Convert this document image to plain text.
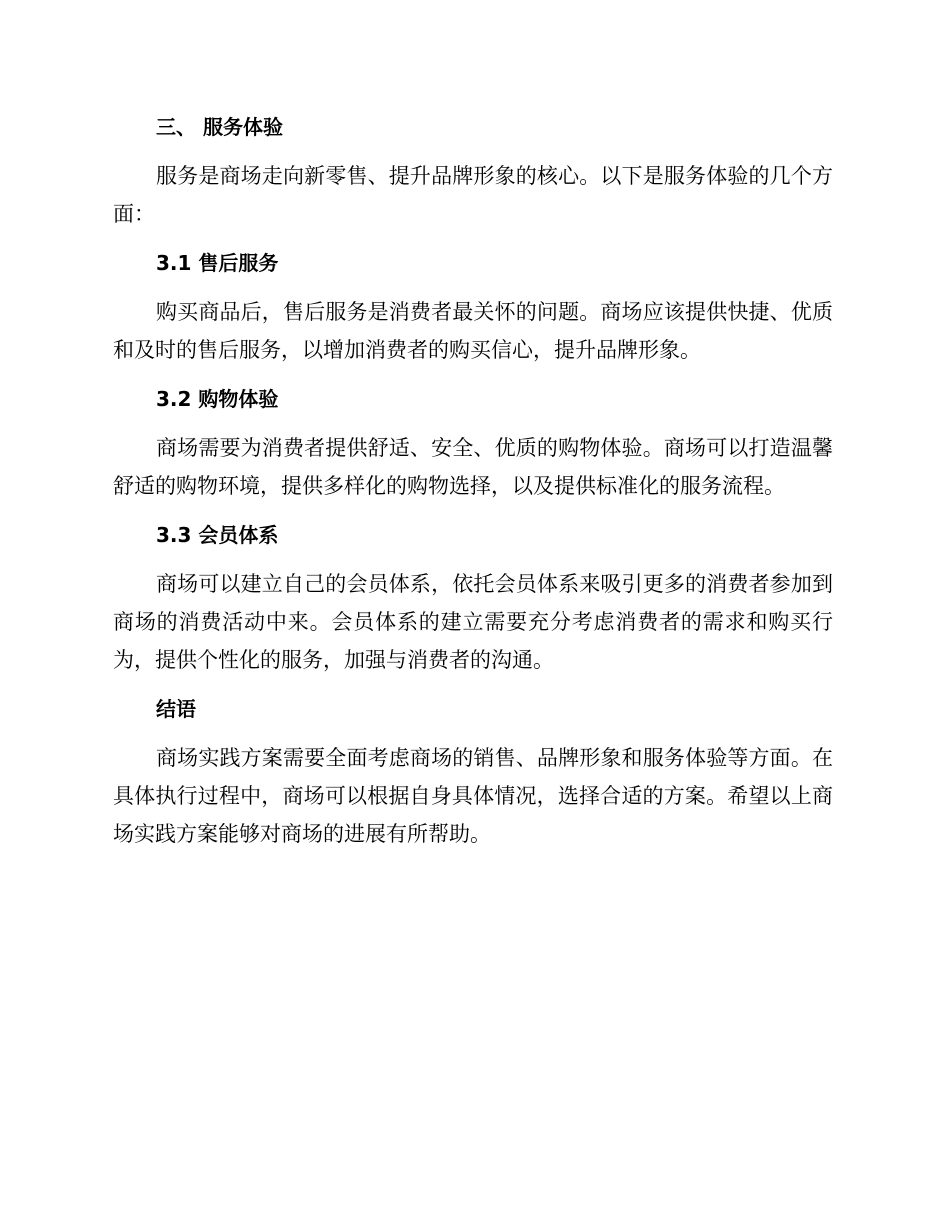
三、 服务体验

服务是商场走向新零售、提升品牌形象的核心。以下是服务体验的几个方面：

3.1 售后服务

购买商品后，售后服务是消费者最关怀的问题。商场应该提供快捷、优质和及时的售后服务，以增加消费者的购买信心，提升品牌形象。

3.2 购物体验

商场需要为消费者提供舒适、安全、优质的购物体验。商场可以打造温馨舒适的购物环境，提供多样化的购物选择，以及提供标准化的服务流程。

3.3 会员体系

商场可以建立自己的会员体系，依托会员体系来吸引更多的消费者参加到商场的消费活动中来。会员体系的建立需要充分考虑消费者的需求和购买行为，提供个性化的服务，加强与消费者的沟通。

结语

商场实践方案需要全面考虑商场的销售、品牌形象和服务体验等方面。在具体执行过程中，商场可以根据自身具体情况，选择合适的方案。希望以上商场实践方案能够对商场的进展有所帮助。
